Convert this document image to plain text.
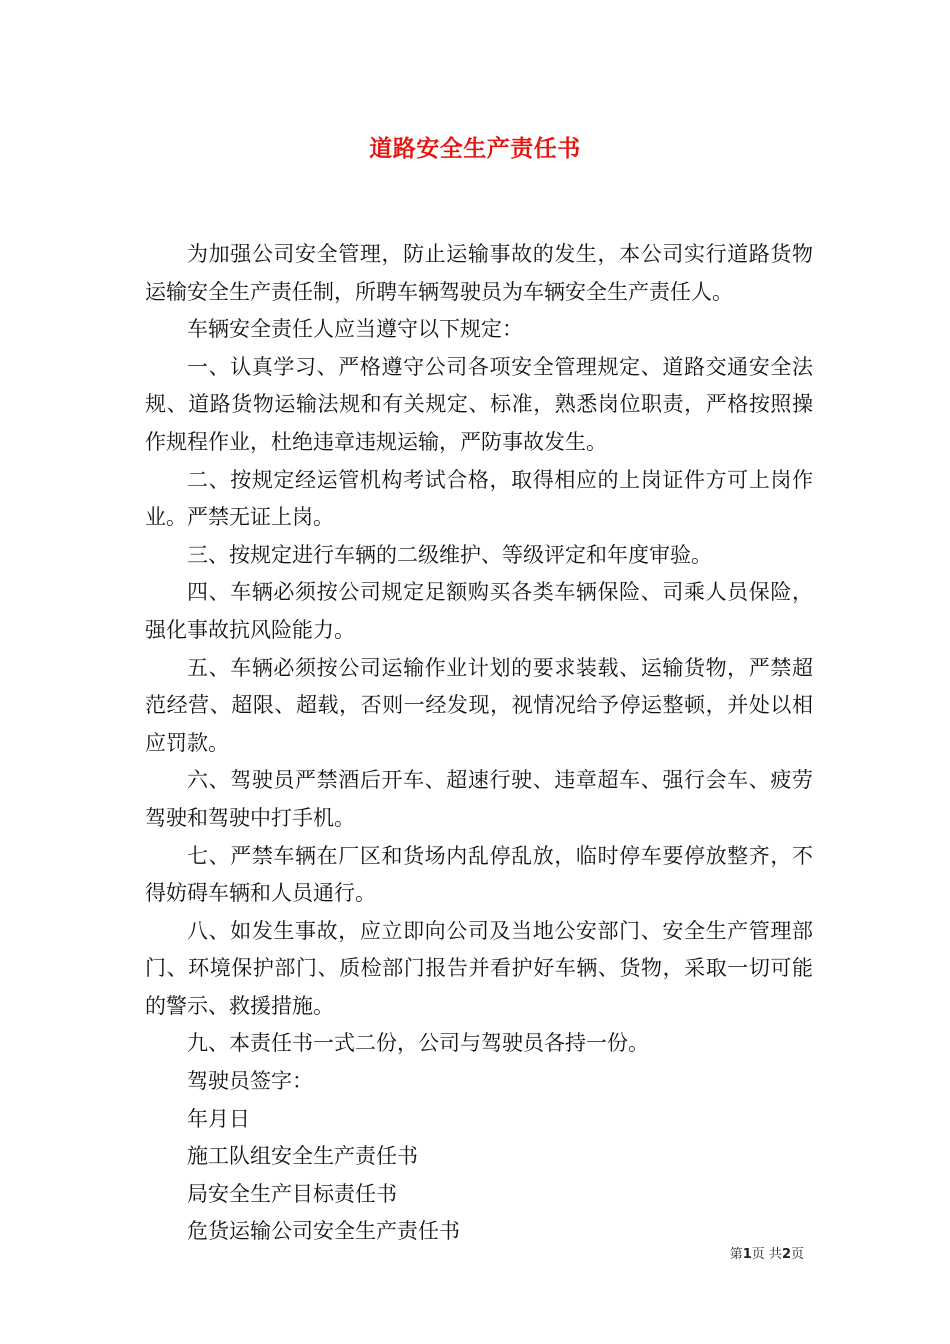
道路安全生产责任书

为加强公司安全管理，防止运输事故的发生，本公司实行道路货物运输安全生产责任制，所聘车辆驾驶员为车辆安全生产责任人。

车辆安全责任人应当遵守以下规定：

一、认真学习、严格遵守公司各项安全管理规定、道路交通安全法规、道路货物运输法规和有关规定、标准，熟悉岗位职责，严格按照操作规程作业，杜绝违章违规运输，严防事故发生。

二、按规定经运管机构考试合格，取得相应的上岗证件方可上岗作业。严禁无证上岗。

三、按规定进行车辆的二级维护、等级评定和年度审验。

四、车辆必须按公司规定足额购买各类车辆保险、司乘人员保险，强化事故抗风险能力。

五、车辆必须按公司运输作业计划的要求装载、运输货物，严禁超范经营、超限、超载，否则一经发现，视情况给予停运整顿，并处以相应罚款。

六、驾驶员严禁酒后开车、超速行驶、违章超车、强行会车、疲劳驾驶和驾驶中打手机。

七、严禁车辆在厂区和货场内乱停乱放，临时停车要停放整齐，不得妨碍车辆和人员通行。

八、如发生事故，应立即向公司及当地公安部门、安全生产管理部门、环境保护部门、质检部门报告并看护好车辆、货物，采取一切可能的警示、救援措施。

九、本责任书一式二份，公司与驾驶员各持一份。

驾驶员签字：

年月日

施工队组安全生产责任书

局安全生产目标责任书

危货运输公司安全生产责任书

第1页 共2页
